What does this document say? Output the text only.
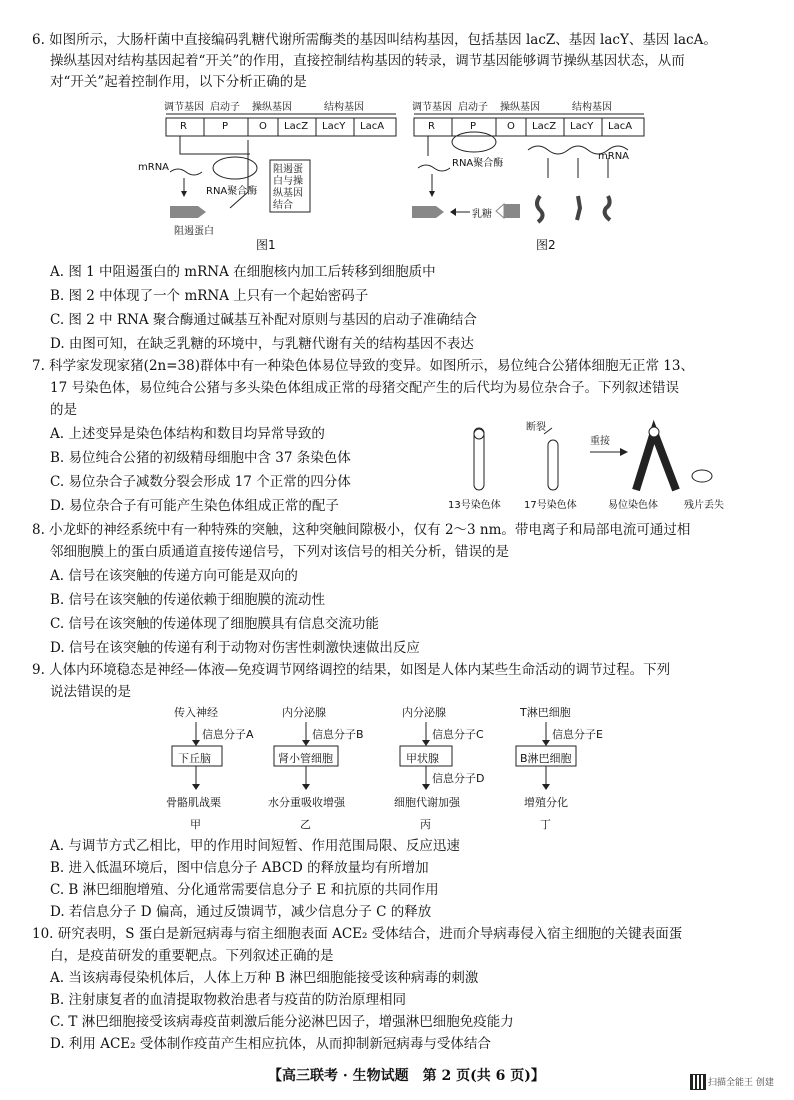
6. 如图所示，大肠杆菌中直接编码乳糖代谢所需酶类的基因叫结构基因，包括基因 lacZ、基因 lacY、基因 lacA。
操纵基因对结构基因起着“开关”的作用，直接控制结构基因的转录，调节基因能够调节操纵基因状态，从而
对“开关”起着控制作用，以下分析正确的是
调节基因 启动子 操纵基因	结构基因
R	P	O LacZ LacY LacA
mRNA
RNA聚合酶
阻遏蛋白与操纵基因结合
阻遏蛋白
图1
调节基因 启动子 操纵基因	结构基因
R	P	O LacZ LacY LacA
RNA聚合酶
mRNA
乳糖
图2
A. 图 1 中阻遏蛋白的 mRNA 在细胞核内加工后转移到细胞质中
B. 图 2 中体现了一个 mRNA 上只有一个起始密码子
C. 图 2 中 RNA 聚合酶通过碱基互补配对原则与基因的启动子准确结合
D. 由图可知，在缺乏乳糖的环境中，与乳糖代谢有关的结构基因不表达
7. 科学家发现家猪(2n=38)群体中有一种染色体易位导致的变异。如图所示，易位纯合公猪体细胞无正常 13、
17 号染色体，易位纯合公猪与多头染色体组成正常的母猪交配产生的后代均为易位杂合子。下列叙述错误
的是
A. 上述变异是染色体结构和数目均异常导致的
B. 易位纯合公猪的初级精母细胞中含 37 条染色体
C. 易位杂合子减数分裂会形成 17 个正常的四分体
D. 易位杂合子有可能产生染色体组成正常的配子
断裂
重接
13号染色体 17号染色体	易位染色体	残片丢失
8. 小龙虾的神经系统中有一种特殊的突触，这种突触间隙极小，仅有 2～3 nm。带电离子和局部电流可通过相
邻细胞膜上的蛋白质通道直接传递信号，下列对该信号的相关分析，错误的是
A. 信号在该突触的传递方向可能是双向的
B. 信号在该突触的传递依赖于细胞膜的流动性
C. 信号在该突触的传递体现了细胞膜具有信息交流功能
D. 信号在该突触的传递有利于动物对伤害性刺激快速做出反应
9. 人体内环境稳态是神经—体液—免疫调节网络调控的结果，如图是人体内某些生命活动的调节过程。下列
说法错误的是
传入神经
信息分子A
下丘脑
骨骼肌战栗
甲
内分泌腺
信息分子B
肾小管细胞
水分重吸收增强
乙
内分泌腺
信息分子C
甲状腺
信息分子D
细胞代谢加强
丙
T淋巴细胞
信息分子E
B淋巴细胞
增殖分化
丁
A. 与调节方式乙相比，甲的作用时间短暂、作用范围局限、反应迅速
B. 进入低温环境后，图中信息分子 ABCD 的释放量均有所增加
C. B 淋巴细胞增殖、分化通常需要信息分子 E 和抗原的共同作用
D. 若信息分子 D 偏高，通过反馈调节，减少信息分子 C 的释放
10. 研究表明，S 蛋白是新冠病毒与宿主细胞表面 ACE₂ 受体结合，进而介导病毒侵入宿主细胞的关键表面蛋
白，是疫苗研发的重要靶点。下列叙述正确的是
A. 当该病毒侵染机体后，人体上万种 B 淋巴细胞能接受该种病毒的刺激
B. 注射康复者的血清提取物救治患者与疫苗的防治原理相同
C. T 淋巴细胞接受该病毒疫苗刺激后能分泌淋巴因子，增强淋巴细胞免疫能力
D. 利用 ACE₂ 受体制作疫苗产生相应抗体，从而抑制新冠病毒与受体结合
【高三联考 · 生物试题　第 2 页(共 6 页)】	扫描全能王 创建
